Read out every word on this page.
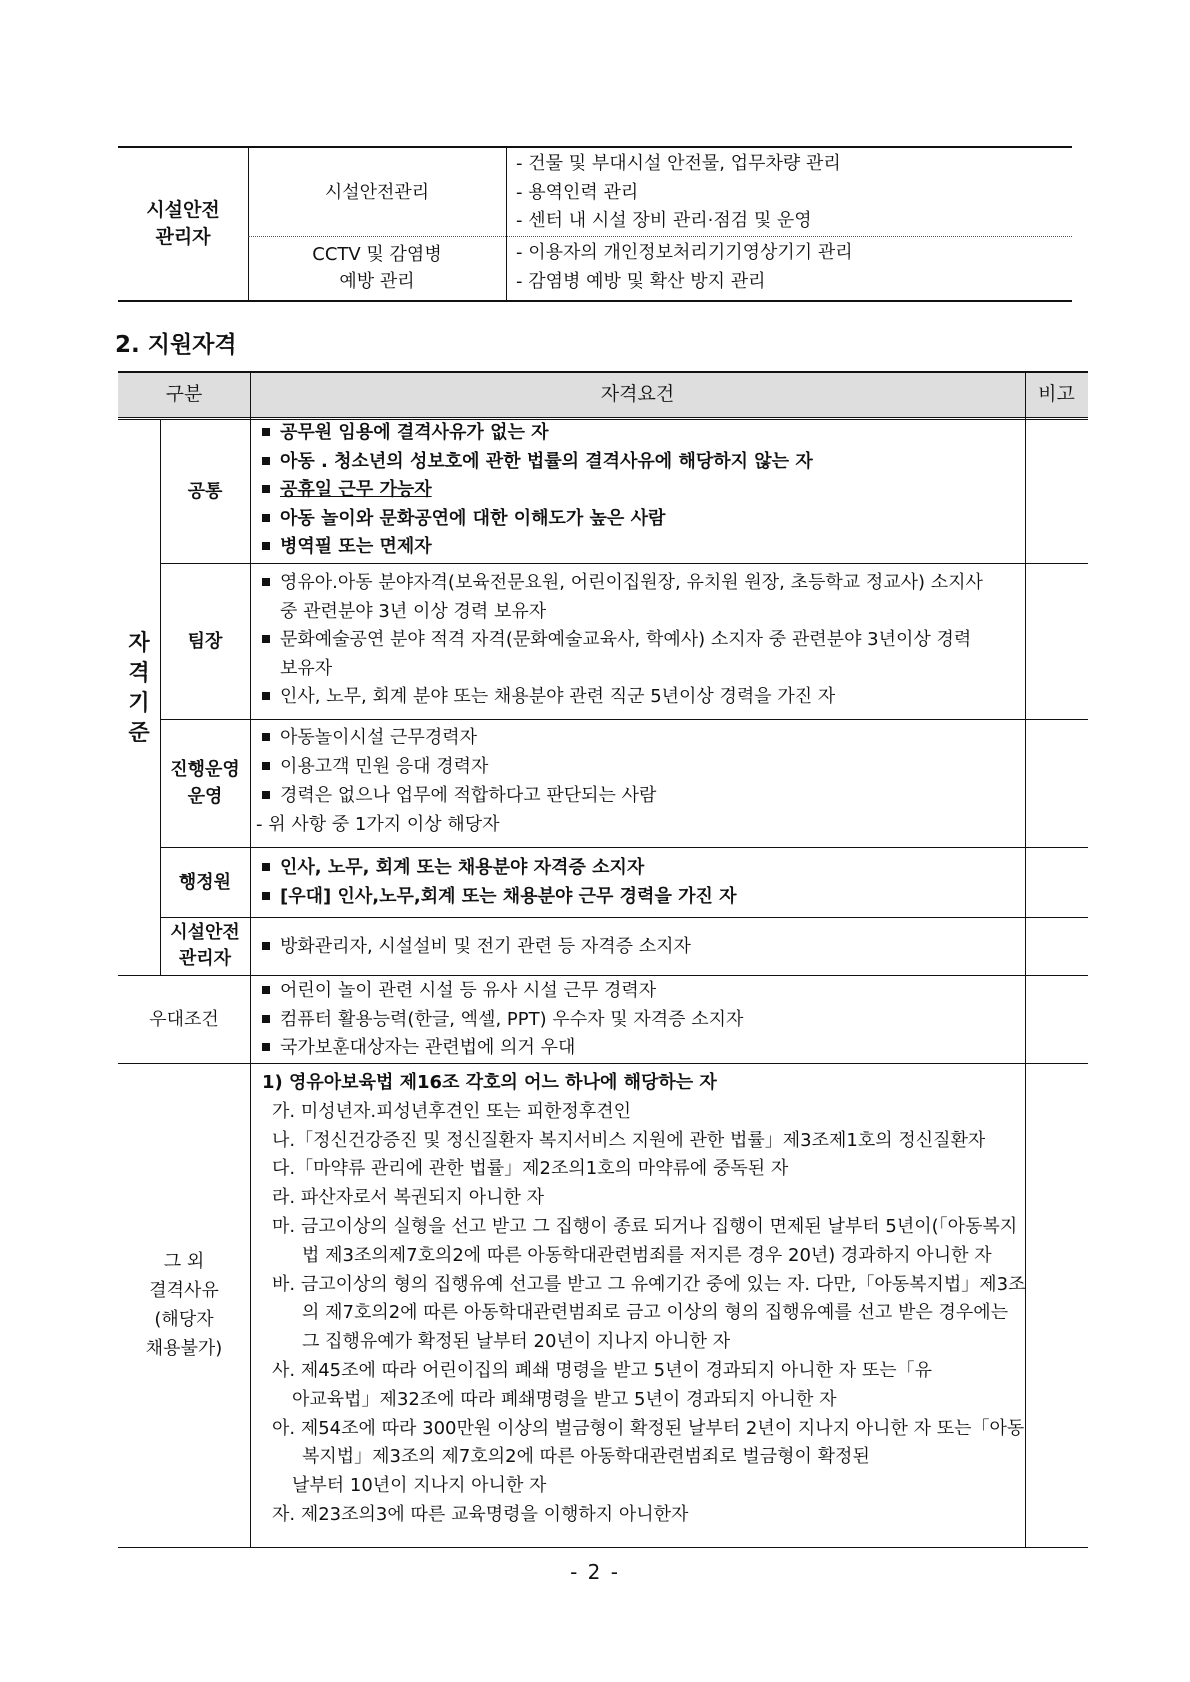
시설안전
관리자
시설안전관리
- 건물 및 부대시설 안전물, 업무차량 관리
- 용역인력 관리
- 센터 내 시설 장비 관리·점검 및 운영
CCTV 및 감염병
예방 관리
- 이용자의 개인정보처리기기영상기기 관리
- 감염병 예방 및 확산 방지 관리
2. 지원자격
구분	자격요건	비고
자
격
기
준
공통
공무원 임용에 결격사유가 없는 자
아동 . 청소년의 성보호에 관한 법률의 결격사유에 해당하지 않는 자
공휴일 근무 가능자
아동 놀이와 문화공연에 대한 이해도가 높은 사람
병역필 또는 면제자
팀장
영유아.아동 분야자격(보육전문요원, 어린이집원장, 유치원 원장, 초등학교 정교사) 소지사
중 관련분야 3년 이상 경력 보유자
문화예술공연 분야 적격 자격(문화예술교육사, 학예사) 소지자 중 관련분야 3년이상 경력
보유자
인사, 노무, 회계 분야 또는 채용분야 관련 직군 5년이상 경력을 가진 자
진행운영
운영
아동놀이시설 근무경력자
이용고객 민원 응대 경력자
경력은 없으나 업무에 적합하다고 판단되는 사람
- 위 사항 중 1가지 이상 해당자
행정원
인사, 노무, 회계 또는 채용분야 자격증 소지자
[우대] 인사,노무,회계 또는 채용분야 근무 경력을 가진 자
시설안전
관리자
방화관리자, 시설설비 및 전기 관련 등 자격증 소지자
우대조건
어린이 놀이 관련 시설 등 유사 시설 근무 경력자
컴퓨터 활용능력(한글, 엑셀, PPT) 우수자 및 자격증 소지자
국가보훈대상자는 관련법에 의거 우대
그 외
결격사유
(해당자
채용불가)
1) 영유아보육법 제16조 각호의 어느 하나에 해당하는 자
가. 미성년자.피성년후견인 또는 피한정후견인
나.「정신건강증진 및 정신질환자 복지서비스 지원에 관한 법률」제3조제1호의 정신질환자
다.「마약류 관리에 관한 법률」제2조의1호의 마약류에 중독된 자
라. 파산자로서 복권되지 아니한 자
마. 금고이상의 실형을 선고 받고 그 집행이 종료 되거나 집행이 면제된 날부터 5년이(「아동복지
법 제3조의제7호의2에 따른 아동학대관련범죄를 저지른 경우 20년) 경과하지 아니한 자
바. 금고이상의 형의 집행유예 선고를 받고 그 유예기간 중에 있는 자. 다만,「아동복지법」제3조
의 제7호의2에 따른 아동학대관련범죄로 금고 이상의 형의 집행유예를 선고 받은 경우에는
그 집행유예가 확정된 날부터 20년이 지나지 아니한 자
사. 제45조에 따라 어린이집의 폐쇄 명령을 받고 5년이 경과되지 아니한 자 또는「유
아교육법」제32조에 따라 폐쇄명령을 받고 5년이 경과되지 아니한 자
아. 제54조에 따라 300만원 이상의 벌금형이 확정된 날부터 2년이 지나지 아니한 자 또는「아동
복지법」제3조의 제7호의2에 따른 아동학대관련범죄로 벌금형이 확정된
날부터 10년이 지나지 아니한 자
자. 제23조의3에 따른 교육명령을 이행하지 아니한자
- 2 -
